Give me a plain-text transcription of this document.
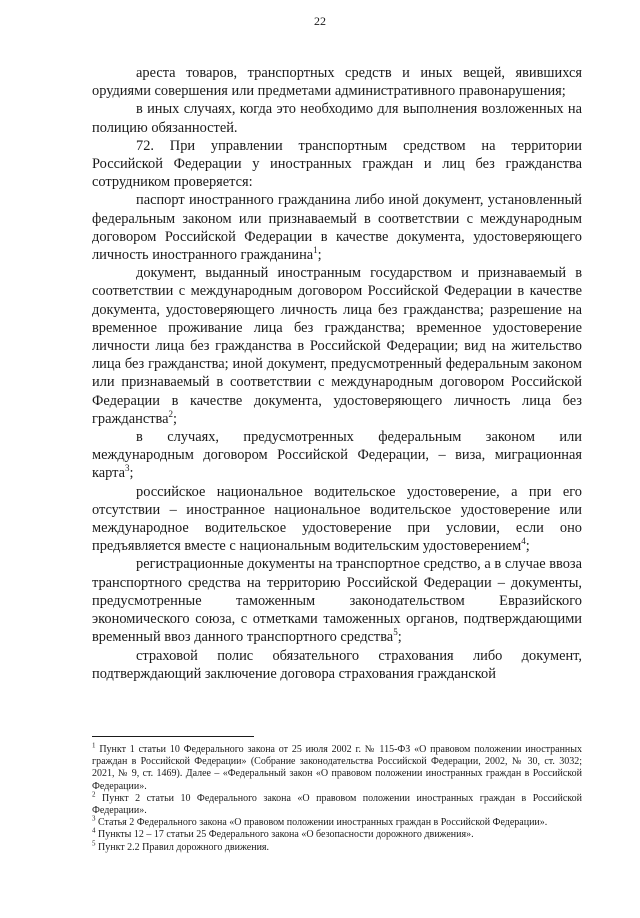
22

ареста товаров, транспортных средств и иных вещей, явившихся орудиями совершения или предметами административного правонарушения;

в иных случаях, когда это необходимо для выполнения возложенных на полицию обязанностей.

72. При управлении транспортным средством на территории Российской Федерации у иностранных граждан и лиц без гражданства сотрудником проверяется:

паспорт иностранного гражданина либо иной документ, установленный федеральным законом или признаваемый в соответствии с международным договором Российской Федерации в качестве документа, удостоверяющего личность иностранного гражданина$^1$;

документ, выданный иностранным государством и признаваемый в соответствии с международным договором Российской Федерации в качестве документа, удостоверяющего личность лица без гражданства; разрешение на временное проживание лица без гражданства; временное удостоверение личности лица без гражданства в Российской Федерации; вид на жительство лица без гражданства; иной документ, предусмотренный федеральным законом или признаваемый в соответствии с международным договором Российской Федерации в качестве документа, удостоверяющего личность лица без гражданства$^2$;

в случаях, предусмотренных федеральным законом или международным договором Российской Федерации, – виза, миграционная карта$^3$;

российское национальное водительское удостоверение, а при его отсутствии – иностранное национальное водительское удостоверение или международное водительское удостоверение при условии, если оно предъявляется вместе с национальным водительским удостоверением$^4$;

регистрационные документы на транспортное средство, а в случае ввоза транспортного средства на территорию Российской Федерации – документы, предусмотренные таможенным законодательством Евразийского экономического союза, с отметками таможенных органов, подтверждающими временный ввоз данного транспортного средства$^5$;

страховой полис обязательного страхования либо документ, подтверждающий заключение договора страхования гражданской

$^1$ Пункт 1 статьи 10 Федерального закона от 25 июля 2002 г. № 115-ФЗ «О правовом положении иностранных граждан в Российской Федерации» (Собрание законодательства Российской Федерации, 2002, № 30, ст. 3032; 2021, № 9, ст. 1469). Далее – «Федеральный закон «О правовом положении иностранных граждан в Российской Федерации».

$^2$ Пункт 2 статьи 10 Федерального закона «О правовом положении иностранных граждан в Российской Федерации».

$^3$ Статья 2 Федерального закона «О правовом положении иностранных граждан в Российской Федерации».

$^4$ Пункты 12 – 17 статьи 25 Федерального закона «О безопасности дорожного движения».

$^5$ Пункт 2.2 Правил дорожного движения.
